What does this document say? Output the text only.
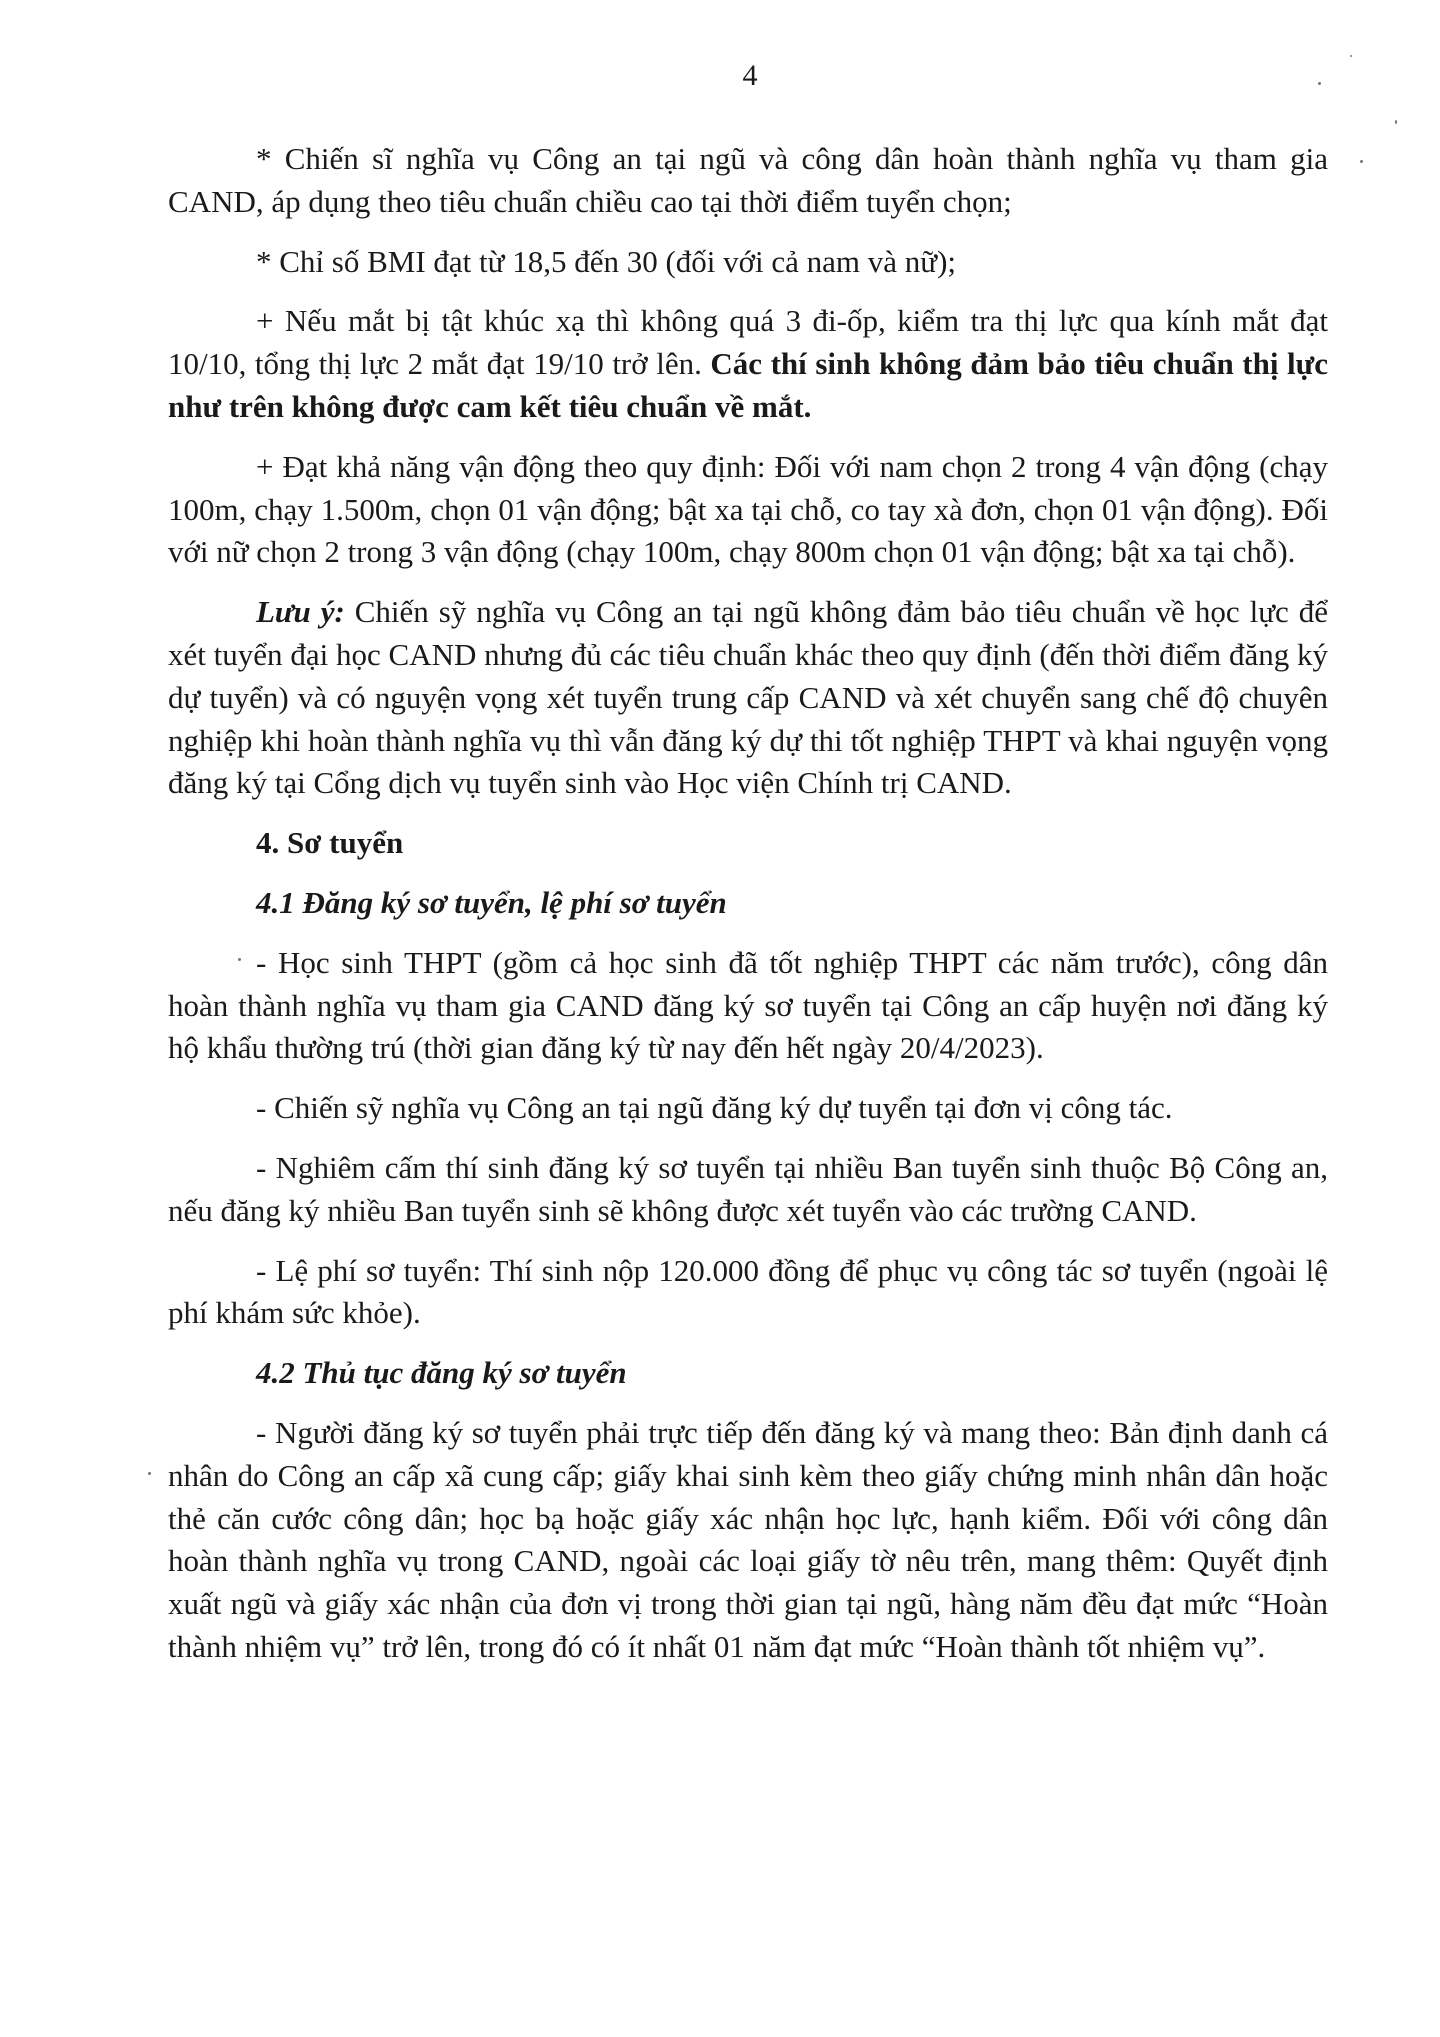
4

* Chiến sĩ nghĩa vụ Công an tại ngũ và công dân hoàn thành nghĩa vụ tham gia CAND, áp dụng theo tiêu chuẩn chiều cao tại thời điểm tuyển chọn;

* Chỉ số BMI đạt từ 18,5 đến 30 (đối với cả nam và nữ);

+ Nếu mắt bị tật khúc xạ thì không quá 3 đi-ốp, kiểm tra thị lực qua kính mắt đạt 10/10, tổng thị lực 2 mắt đạt 19/10 trở lên. Các thí sinh không đảm bảo tiêu chuẩn thị lực như trên không được cam kết tiêu chuẩn về mắt.

+ Đạt khả năng vận động theo quy định: Đối với nam chọn 2 trong 4 vận động (chạy 100m, chạy 1.500m, chọn 01 vận động; bật xa tại chỗ, co tay xà đơn, chọn 01 vận động). Đối với nữ chọn 2 trong 3 vận động (chạy 100m, chạy 800m chọn 01 vận động; bật xa tại chỗ).

Lưu ý: Chiến sỹ nghĩa vụ Công an tại ngũ không đảm bảo tiêu chuẩn về học lực để xét tuyển đại học CAND nhưng đủ các tiêu chuẩn khác theo quy định (đến thời điểm đăng ký dự tuyển) và có nguyện vọng xét tuyển trung cấp CAND và xét chuyển sang chế độ chuyên nghiệp khi hoàn thành nghĩa vụ thì vẫn đăng ký dự thi tốt nghiệp THPT và khai nguyện vọng đăng ký tại Cổng dịch vụ tuyển sinh vào Học viện Chính trị CAND.

4. Sơ tuyển

4.1 Đăng ký sơ tuyển, lệ phí sơ tuyển

- Học sinh THPT (gồm cả học sinh đã tốt nghiệp THPT các năm trước), công dân hoàn thành nghĩa vụ tham gia CAND đăng ký sơ tuyển tại Công an cấp huyện nơi đăng ký hộ khẩu thường trú (thời gian đăng ký từ nay đến hết ngày 20/4/2023).

- Chiến sỹ nghĩa vụ Công an tại ngũ đăng ký dự tuyển tại đơn vị công tác.

- Nghiêm cấm thí sinh đăng ký sơ tuyển tại nhiều Ban tuyển sinh thuộc Bộ Công an, nếu đăng ký nhiều Ban tuyển sinh sẽ không được xét tuyển vào các trường CAND.

- Lệ phí sơ tuyển: Thí sinh nộp 120.000 đồng để phục vụ công tác sơ tuyển (ngoài lệ phí khám sức khỏe).

4.2 Thủ tục đăng ký sơ tuyển

- Người đăng ký sơ tuyển phải trực tiếp đến đăng ký và mang theo: Bản định danh cá nhân do Công an cấp xã cung cấp; giấy khai sinh kèm theo giấy chứng minh nhân dân hoặc thẻ căn cước công dân; học bạ hoặc giấy xác nhận học lực, hạnh kiểm. Đối với công dân hoàn thành nghĩa vụ trong CAND, ngoài các loại giấy tờ nêu trên, mang thêm: Quyết định xuất ngũ và giấy xác nhận của đơn vị trong thời gian tại ngũ, hàng năm đều đạt mức “Hoàn thành nhiệm vụ” trở lên, trong đó có ít nhất 01 năm đạt mức “Hoàn thành tốt nhiệm vụ”.
